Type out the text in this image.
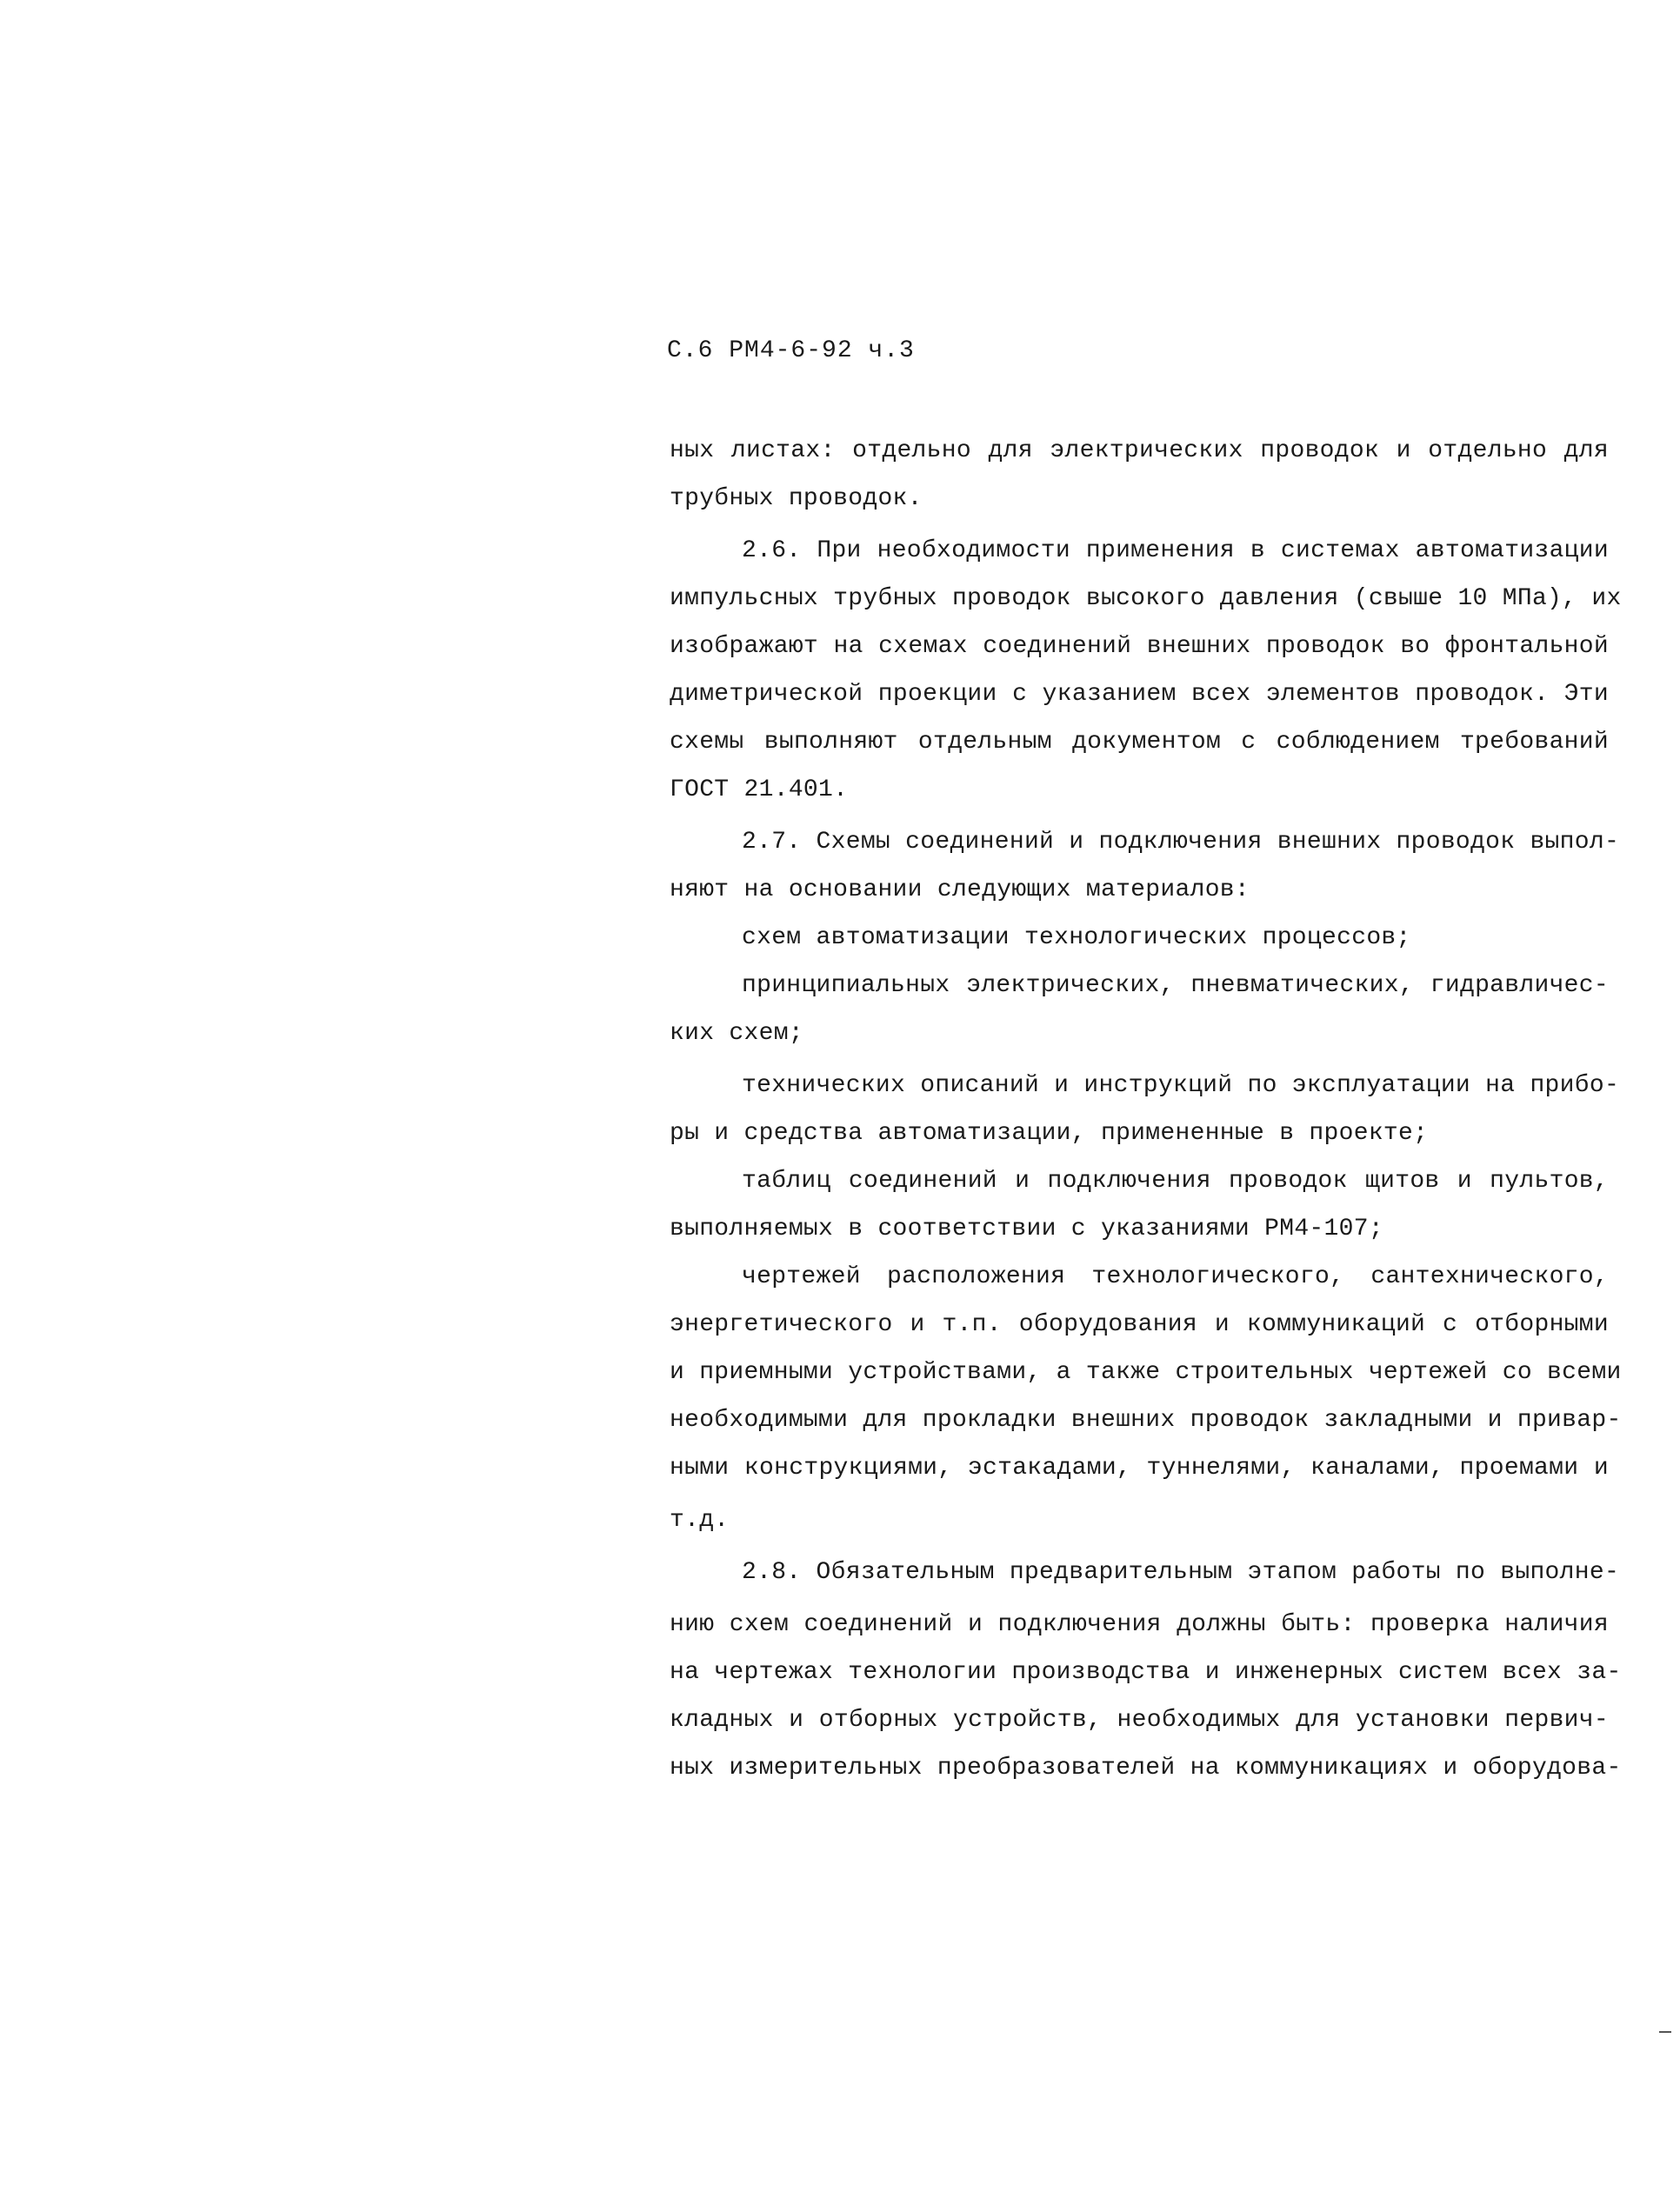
С.6 РМ4-6-92 ч.3
ных листах: отдельно для электрических проводок и отдельно для
трубных проводок.
2.6. При необходимости применения в системах автоматизации
импульсных трубных проводок высокого давления (свыше 10 МПа), их
изображают на схемах соединений внешних проводок во фронтальной
диметрической проекции с указанием всех элементов проводок. Эти
схемы выполняют отдельным документом с соблюдением требований
ГОСТ 21.401.
2.7. Схемы соединений и подключения внешних проводок выпол-
няют на основании следующих материалов:
схем автоматизации технологических процессов;
принципиальных электрических, пневматических, гидравличес-
ких схем;
технических описаний и инструкций по эксплуатации на прибо-
ры и средства автоматизации, примененные в проекте;
таблиц соединений и подключения проводок щитов и пультов,
выполняемых в соответствии с указаниями РМ4-107;
чертежей расположения технологического, сантехнического,
энергетического и т.п. оборудования и коммуникаций с отборными
и приемными устройствами, а также строительных чертежей со всеми
необходимыми для прокладки внешних проводок закладными и привар-
ными конструкциями, эстакадами, туннелями, каналами, проемами и
т.д.
2.8. Обязательным предварительным этапом работы по выполне-
нию схем соединений и подключения должны быть: проверка наличия
на чертежах технологии производства и инженерных систем всех за-
кладных и отборных устройств, необходимых для установки первич-
ных измерительных преобразователей на коммуникациях и оборудова-
